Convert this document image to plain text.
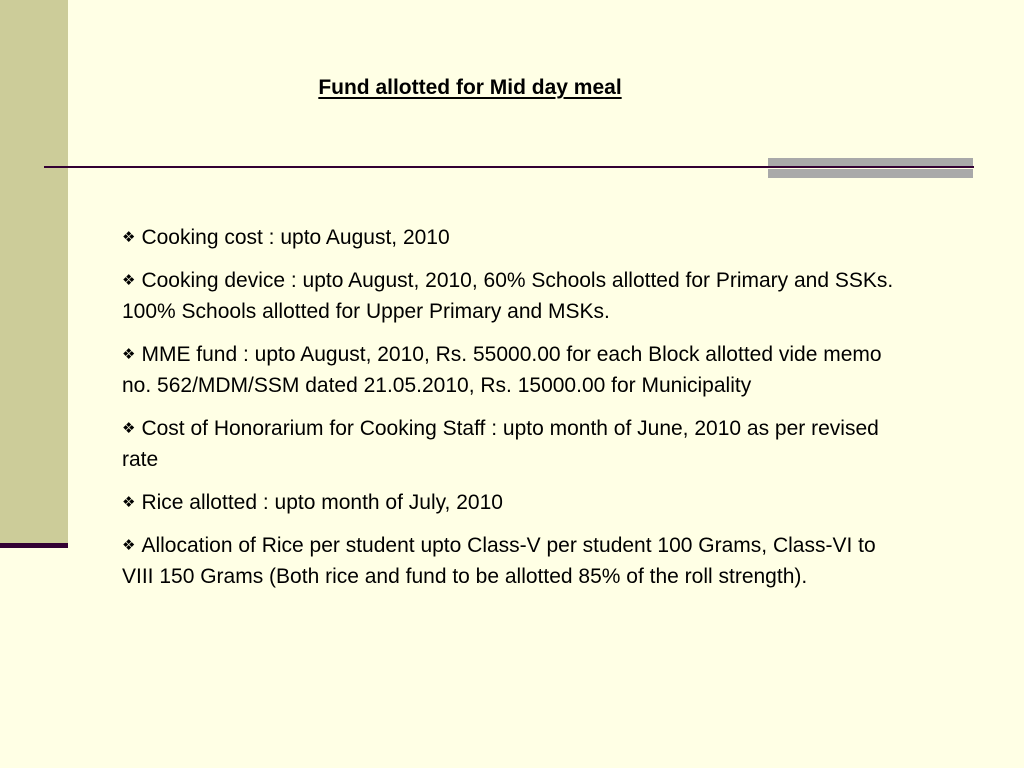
Fund allotted for Mid day meal
❖ Cooking cost : upto August, 2010
❖ Cooking device : upto August, 2010, 60% Schools allotted for Primary and SSKs. 100% Schools allotted for Upper Primary and MSKs.
❖ MME fund : upto August, 2010, Rs. 55000.00 for each Block allotted vide memo no. 562/MDM/SSM dated 21.05.2010, Rs. 15000.00 for Municipality
❖ Cost of Honorarium for Cooking Staff : upto month of June, 2010 as per revised rate
❖ Rice allotted : upto month of July, 2010
❖ Allocation of Rice per student upto Class-V per student 100 Grams, Class-VI to VIII 150 Grams (Both rice and fund to be allotted 85% of the roll strength).
